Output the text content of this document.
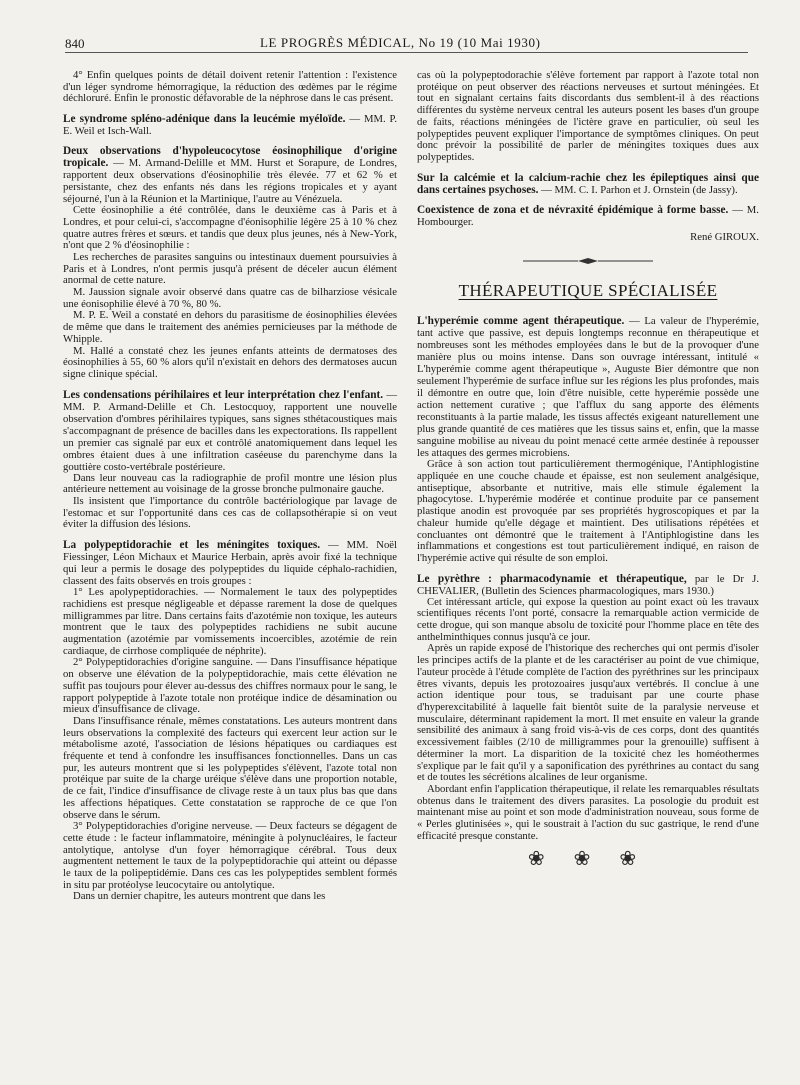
840	LE PROGRÈS MÉDICAL, No 19 (10 Mai 1930)

4° Enfin quelques points de détail doivent retenir l'attention : l'existence d'un léger syndrome hémorragique, la réduction des œdèmes par le régime déchloruré. Enfin le pronostic défavorable de la néphrose dans le cas présent.

Le syndrome spléno-adénique dans la leucémie myéloïde. — MM. P. E. Weil et Isch-Wall.

Deux observations d'hypoleucocytose éosinophilique d'origine tropicale. — M. Armand-Delille et MM. Hurst et Sorapure, de Londres, rapportent deux observations d'éosinophilie très élevée. 77 et 62 % et persistante, chez des enfants nés dans les régions tropicales et y ayant séjourné, l'un à la Réunion et la Martinique, l'autre au Vénézuela.

Cette éosinophilie a été contrôlée, dans le deuxième cas à Paris et à Londres, et pour celui-ci, s'accompagne d'éonisophilie légère 25 à 10 % chez quatre autres frères et sœurs. et tandis que deux plus jeunes, nés à New-York, n'ont que 2 % d'éosinophilie :

Les recherches de parasites sanguins ou intestinaux duement poursuivies à Paris et à Londres, n'ont permis jusqu'à présent de déceler aucun élément anormal de cette nature.

M. Jaussion signale avoir observé dans quatre cas de bilharziose vésicale une éonisophilie élevé à 70 %, 80 %.

M. P. E. Weil a constaté en dehors du parasitisme de éosinophilies élevées de même que dans le traitement des anémies pernicieuses par la méthode de Whipple.

M. Hallé a constaté chez les jeunes enfants atteints de dermatoses des éosinophilies à 55, 60 % alors qu'il n'existait en dehors des dermatoses aucun signe clinique spécial.

Les condensations périhilaires et leur interprétation chez l'enfant. — MM. P. Armand-Delille et Ch. Lestocquoy, rapportent une nouvelle observation d'ombres périhilaires typiques, sans signes sthétacoustiques mais s'accompagnant de présence de bacilles dans les expectorations. Ils rappellent un premier cas signalé par eux et contrôlé anatomiquement dans lequel les ombres étaient dues à une infiltration caséeuse du parenchyme dans la gouttière costo-vertébrale postérieure.

Dans leur nouveau cas la radiographie de profil montre une lésion plus antérieure nettement au voisinage de la grosse bronche pulmonaire gauche.

Ils insistent que l'importance du contrôle bactériologique par lavage de l'estomac et sur l'opportunité dans ces cas de collapsothérapie si on veut éviter la diffusion des lésions.

La polypeptidorachie et les méningites toxiques. — MM. Noël Fiessinger, Léon Michaux et Maurice Herbain, après avoir fixé la technique qui leur a permis le dosage des polypeptides du liquide céphalo-rachidien, classent des faits observés en trois groupes :

1° Les apolypeptidorachies. — Normalement le taux des polypeptides rachidiens est presque négligeable et dépasse rarement la dose de quelques milligrammes par litre. Dans certains faits d'azotémie non toxique, les auteurs montrent que le taux des polypeptides rachidiens ne subit aucune augmentation (azotémie par vomissements incoercibles, azotémie de rein cardiaque, de cirrhose compliquée de néphrite).

2° Polypeptidorachies d'origine sanguine. — Dans l'insuffisance hépatique on observe une élévation de la polypeptidorachie, mais cette élévation ne suffit pas toujours pour élever au-dessus des chiffres normaux pour le sang, le rapport polypeptide à l'azote totale non protéique indice de désamination ou mieux d'insuffisance de clivage.

Dans l'insuffisance rénale, mêmes constatations. Les auteurs montrent dans leurs observations la complexité des facteurs qui exercent leur action sur le métabolisme azoté, l'association de lésions hépatiques ou cardiaques est fréquente et tend à confondre les insuffisances fonctionnelles. Dans un cas pur, les auteurs montrent que si les polypeptides s'élèvent, l'azote total non protéique par suite de la charge uréique s'élève dans une proportion notable, de ce fait, l'indice d'insuffisance de clivage reste à un taux plus bas que dans les affections hépatiques. Cette constatation se rapproche de ce que l'on observe dans le sérum.

3° Polypeptidorachies d'origine nerveuse. — Deux facteurs se dégagent de cette étude : le facteur inflammatoire, méningite à polynucléaires, le facteur antolytique, antolyse d'un foyer hémorragique cérébral. Tous deux augmentent nettement le taux de la polypeptidorachie qui atteint ou dépasse le taux de la polipeptidémie. Dans ces cas les polypeptides semblent formés in situ par protéolyse leucocytaire ou antolytique.

Dans un dernier chapitre, les auteurs montrent que dans les

cas où la polypeptodorachie s'élève fortement par rapport à l'azote total non protéique on peut observer des réactions nerveuses et surtout méningées. Et tout en signalant certains faits discordants dus semblent-il à des réactions différentes du système nerveux central les auteurs posent les bases d'un groupe de faits, réactions méningées de l'ictère grave en particulier, où seul les polypeptides peuvent expliquer l'importance de symptômes cliniques. On peut donc prévoir la possibilité de parler de méningites toxiques dues aux polypeptides.

Sur la calcémie et la calcium-rachie chez les épileptiques ainsi que dans certaines psychoses. — MM. C. I. Parhon et J. Ornstein (de Jassy).

Coexistence de zona et de névraxité épidémique à forme basse. — M. Hombourger.

René GIROUX.

THÉRAPEUTIQUE SPÉCIALISÉE

L'hyperémie comme agent thérapeutique. — La valeur de l'hyperémie, tant active que passive, est depuis longtemps reconnue en thérapeutique et nombreuses sont les méthodes employées dans le but de la provoquer d'une manière plus ou moins intense. Dans son ouvrage intéressant, intitulé « L'hyperémie comme agent thérapeutique », Auguste Bier démontre que non seulement l'hyperémie de surface influe sur les régions les plus profondes, mais il démontre en outre que, loin d'être nuisible, cette hyperémie possède une action nettement curative ; que l'afflux du sang apporte des éléments reconstituants à la partie malade, les tissus affectés exigeant naturellement une plus grande quantité de ces matières que les tissus sains et, enfin, que la masse sanguine mobilise au niveau du point menacé cette armée destinée à repousser les attaques des germes microbiens.

Grâce à son action tout particulièrement thermogénique, l'Antiphlogistine appliquée en une couche chaude et épaisse, est non seulement analgésique, antiseptique, absorbante et nutritive, mais elle stimule également la phagocytose. L'hyperémie modérée et continue produite par ce pansement plastique anodin est provoquée par ses propriétés hygroscopiques et par la chaleur humide qu'elle dégage et maintient. Des utilisations répétées et concluantes ont démontré que le traitement à l'Antiphlogistine dans les inflammations et congestions est tout particulièrement indiqué, en raison de l'hyperémie active qui résulte de son emploi.

Le pyrèthre : pharmacodynamie et thérapeutique, par le Dr J. CHEVALIER, (Bulletin des Sciences pharmacologiques, mars 1930.)

Cet intéressant article, qui expose la question au point exact où les travaux scientifiques récents l'ont porté, consacre la remarquable action vermicide de cette drogue, qui son manque absolu de toxicité pour l'homme place en tête des anthelminthiques connus jusqu'à ce jour.

Après un rapide exposé de l'historique des recherches qui ont permis d'isoler les principes actifs de la plante et de les caractériser au point de vue chimique, l'auteur procède à l'étude complète de l'action des pyréthrines sur les principaux êtres vivants, depuis les protozoaires jusqu'aux vertébrés. Il conclue à une action identique pour tous, se traduisant par une courte phase d'hyperexcitabilité à laquelle fait bientôt suite de la paralysie nerveuse et musculaire, déterminant rapidement la mort. Il met ensuite en valeur la grande sensibilité des animaux à sang froid vis-à-vis de ces corps, dont des quantités excessivement faibles (2/10 de milligrammes pour la grenouille) suffisent à déterminer la mort. La disparition de la toxicité chez les homéothermes s'explique par le fait qu'il y a saponification des pyréthrines au contact du sang et de toutes les sécrétions alcalines de leur organisme.

Abordant enfin l'application thérapeutique, il relate les remarquables résultats obtenus dans le traitement des divers parasites. La posologie du produit est maintenant mise au point et son mode d'administration nouveau, sous forme de « Perles glutinisées », qui le soustrait à l'action du suc gastrique, le rend d'une efficacité presque constante.

❀ ❀ ❀
